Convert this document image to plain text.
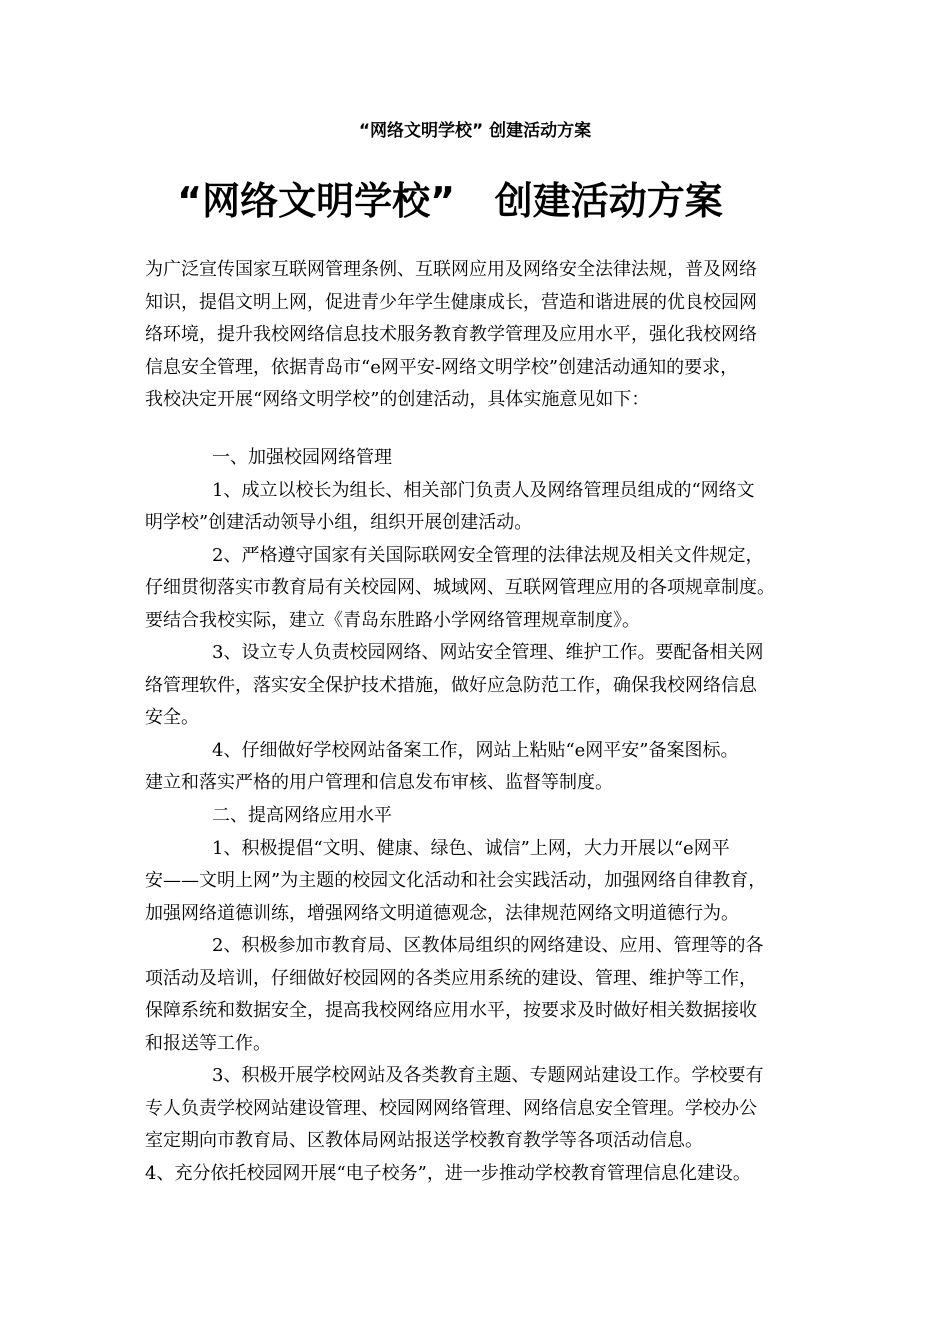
“网络文明学校” 创建活动方案
“网络文明学校”   创建活动方案
为广泛宣传国家互联网管理条例、互联网应用及网络安全法律法规，普及网络
知识，提倡文明上网，促进青少年学生健康成长，营造和谐进展的优良校园网
络环境，提升我校网络信息技术服务教育教学管理及应用水平，强化我校网络
信息安全管理，依据青岛市“e网平安-网络文明学校”创建活动通知的要求，
我校决定开展“网络文明学校”的创建活动，具体实施意见如下：
一、加强校园网络管理
1、成立以校长为组长、相关部门负责人及网络管理员组成的“网络文
明学校”创建活动领导小组，组织开展创建活动。
2、严格遵守国家有关国际联网安全管理的法律法规及相关文件规定，
仔细贯彻落实市教育局有关校园网、城域网、互联网管理应用的各项规章制度。
要结合我校实际，建立《青岛东胜路小学网络管理规章制度》。
3、设立专人负责校园网络、网站安全管理、维护工作。要配备相关网
络管理软件，落实安全保护技术措施，做好应急防范工作，确保我校网络信息
安全。
4、仔细做好学校网站备案工作，网站上粘贴“e网平安”备案图标。
建立和落实严格的用户管理和信息发布审核、监督等制度。
二、提高网络应用水平
1、积极提倡“文明、健康、绿色、诚信”上网，大力开展以“e网平
安——文明上网”为主题的校园文化活动和社会实践活动，加强网络自律教育，
加强网络道德训练，增强网络文明道德观念，法律规范网络文明道德行为。
2、积极参加市教育局、区教体局组织的网络建设、应用、管理等的各
项活动及培训，仔细做好校园网的各类应用系统的建设、管理、维护等工作，
保障系统和数据安全，提高我校网络应用水平，按要求及时做好相关数据接收
和报送等工作。
3、积极开展学校网站及各类教育主题、专题网站建设工作。学校要有
专人负责学校网站建设管理、校园网网络管理、网络信息安全管理。学校办公
室定期向市教育局、区教体局网站报送学校教育教学等各项活动信息。
4、充分依托校园网开展“电子校务”，进一步推动学校教育管理信息化建设。
